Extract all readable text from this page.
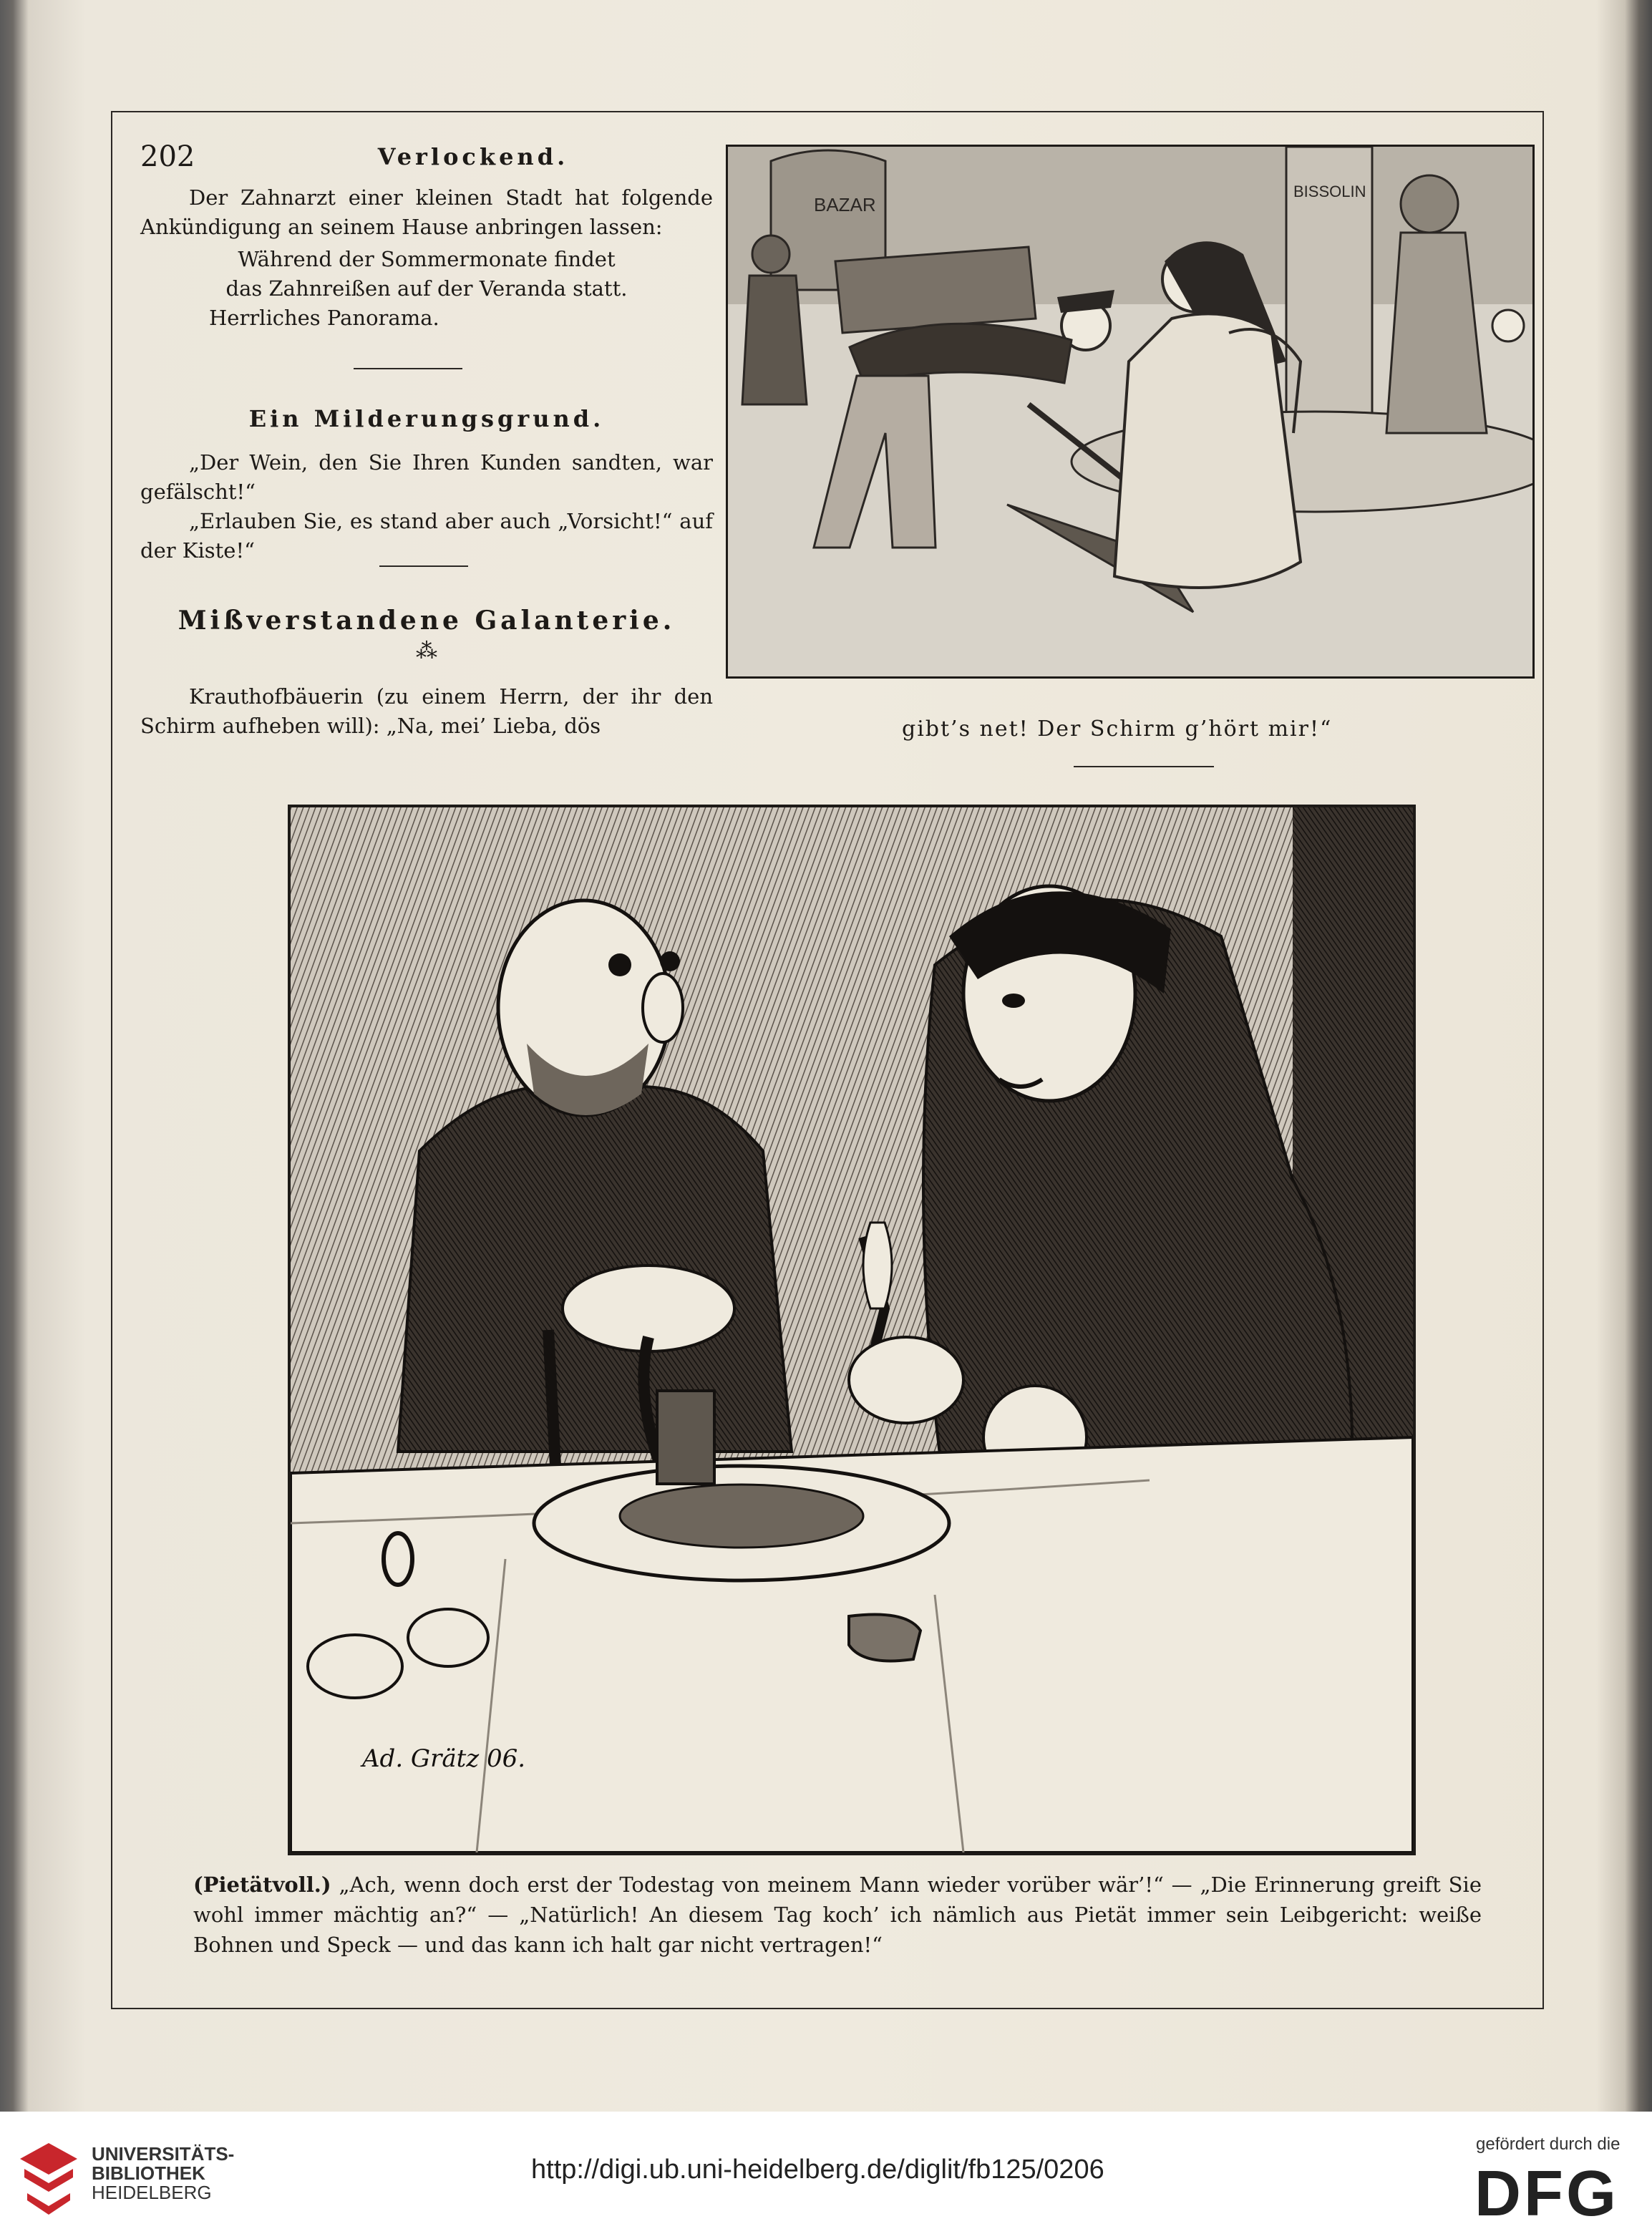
202	Verlockend.
Der Zahnarzt einer kleinen Stadt hat folgende Ankündigung an seinem Hause anbringen lassen:
Während der Sommermonate findet
das Zahnreißen auf der Veranda statt.
Herrliches Panorama.
Ein Milderungsgrund.
„Der Wein, den Sie Ihren Kunden sandten, war gefälscht!“
„Erlauben Sie, es stand aber auch „Vorsicht!“ auf der Kiste!“
Mißverstandene Galanterie.
⁂
Krauthofbäuerin (zu einem Herrn, der ihr den Schirm aufheben will): „Na, mei’ Lieba, dös	gibt’s net! Der Schirm g’hört mir!“
BISSOLIN
BAZAR
Ad. Grätz 06.
(Pietätvoll.) „Ach, wenn doch erst der Todestag von meinem Mann wieder vorüber wär’!“ — „Die Erinnerung greift Sie wohl immer mächtig an?“ — „Natürlich! An diesem Tag koch’ ich nämlich aus Pietät immer sein Leibgericht: weiße Bohnen und Speck — und das kann ich halt gar nicht vertragen!“
UNIVERSITÄTS-
BIBLIOTHEK
HEIDELBERG
http://digi.ub.uni-heidelberg.de/diglit/fb125/0206
gefördert durch die
DFG
